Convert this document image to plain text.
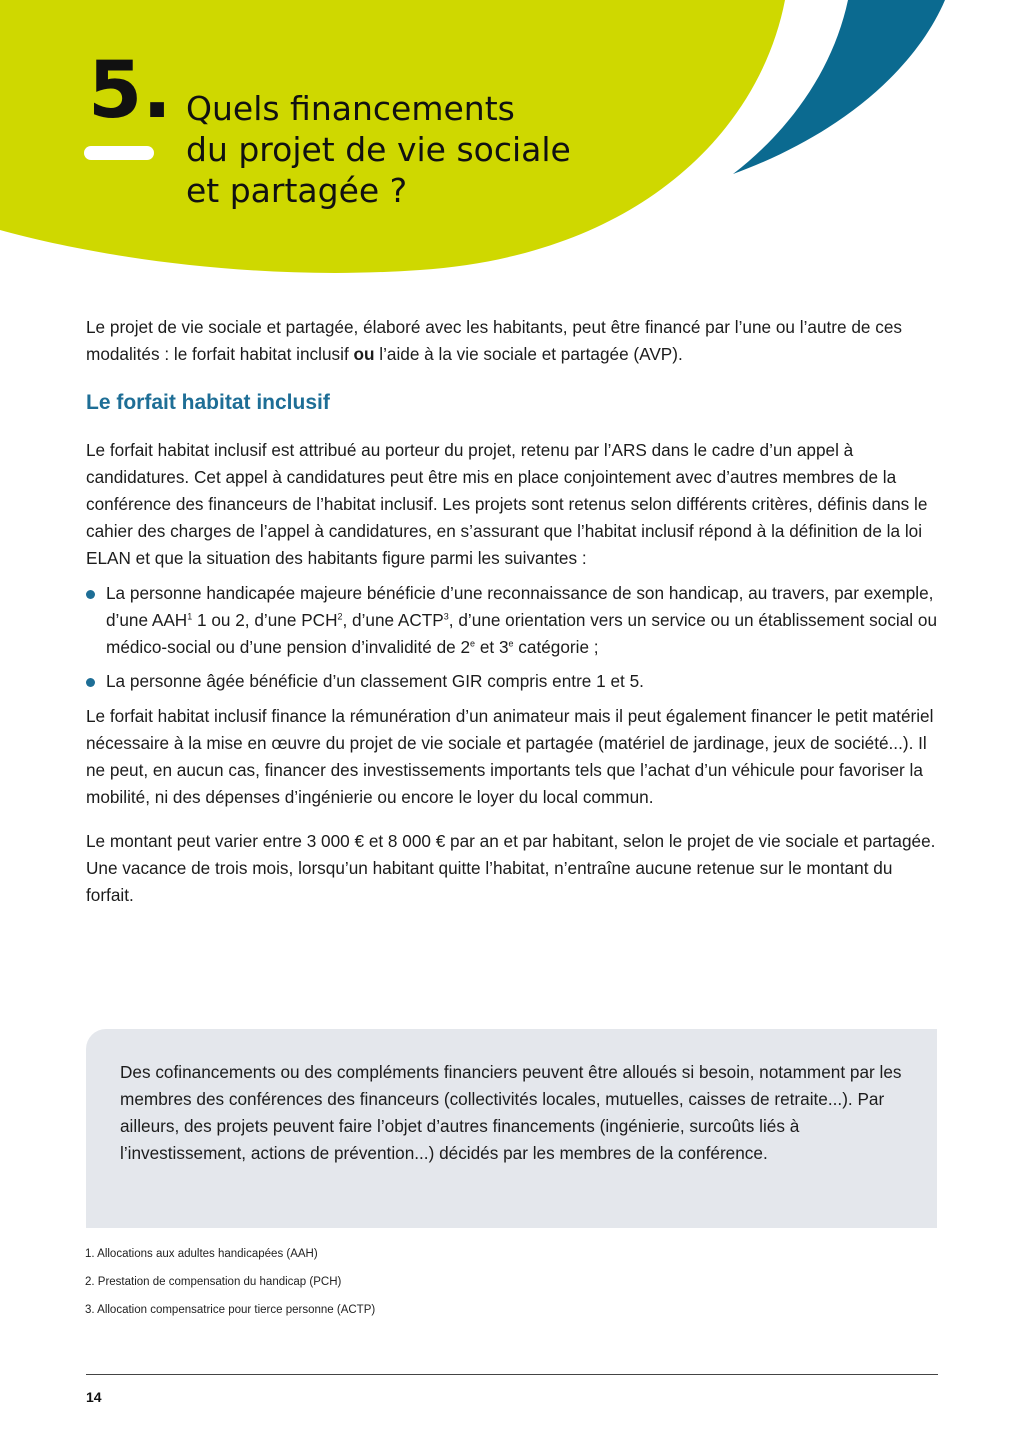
5. Quels financements
du projet de vie sociale
et partagée ?

Le projet de vie sociale et partagée, élaboré avec les habitants, peut être financé par l’une ou l’autre de ces modalités : le forfait habitat inclusif ou l’aide à la vie sociale et partagée (AVP).

Le forfait habitat inclusif

Le forfait habitat inclusif est attribué au porteur du projet, retenu par l’ARS dans le cadre d’un appel à candidatures. Cet appel à candidatures peut être mis en place conjointement avec d’autres membres de la conférence des financeurs de l’habitat inclusif. Les projets sont retenus selon différents critères, définis dans le cahier des charges de l’appel à candidatures, en s’assurant que l’habitat inclusif répond à la définition de la loi ELAN et que la situation des habitants figure parmi les suivantes :

La personne handicapée majeure bénéficie d’une reconnaissance de son handicap, au travers, par exemple, d’une AAH$^1$ 1 ou 2, d’une PCH$^2$, d’une ACTP$^3$, d’une orientation vers un service ou un établissement social ou médico-social ou d’une pension d’invalidité de 2e et 3e catégorie ;
La personne âgée bénéficie d’un classement GIR compris entre 1 et 5.

Le forfait habitat inclusif finance la rémunération d’un animateur mais il peut également financer le petit matériel nécessaire à la mise en œuvre du projet de vie sociale et partagée (matériel de jardinage, jeux de société...). Il ne peut, en aucun cas, financer des investissements importants tels que l’achat d’un véhicule pour favoriser la mobilité, ni des dépenses d’ingénierie ou encore le loyer du local commun.

Le montant peut varier entre 3 000 € et 8 000 € par an et par habitant, selon le projet de vie sociale et partagée. Une vacance de trois mois, lorsqu’un habitant quitte l’habitat, n’entraîne aucune retenue sur le montant du forfait.

Des cofinancements ou des compléments financiers peuvent être alloués si besoin, notamment par les membres des conférences des financeurs (collectivités locales, mutuelles, caisses de retraite...). Par ailleurs, des projets peuvent faire l’objet d’autres financements (ingénierie, surcoûts liés à l’investissement, actions de prévention...) décidés par les membres de la conférence.

1. Allocations aux adultes handicapées (AAH)
2. Prestation de compensation du handicap (PCH)
3. Allocation compensatrice pour tierce personne (ACTP)
14
